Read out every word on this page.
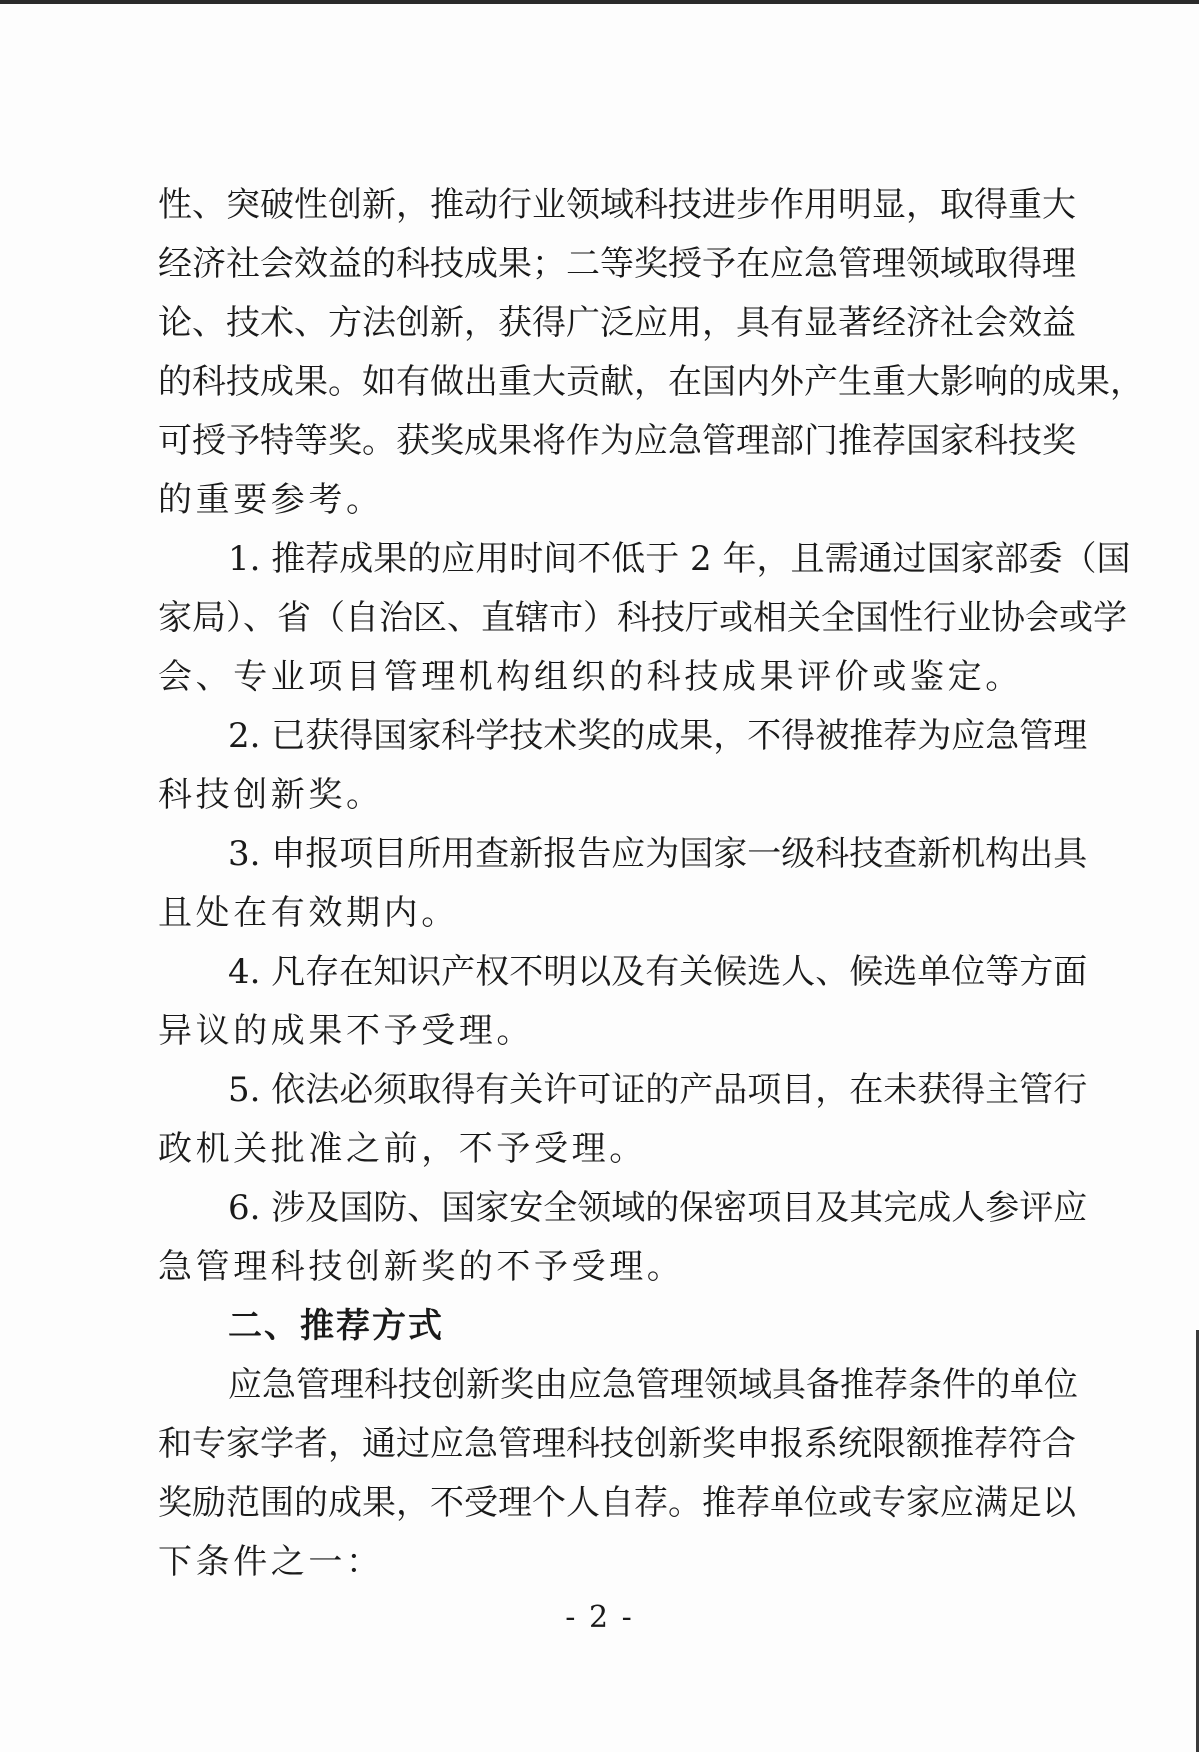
性、突破性创新，推动行业领域科技进步作用明显，取得重大
经济社会效益的科技成果；二等奖授予在应急管理领域取得理
论、技术、方法创新，获得广泛应用，具有显著经济社会效益
的科技成果。如有做出重大贡献，在国内外产生重大影响的成果，
可授予特等奖。获奖成果将作为应急管理部门推荐国家科技奖
的重要参考。
1. 推荐成果的应用时间不低于 2 年，且需通过国家部委（国
家局）、省（自治区、直辖市）科技厅或相关全国性行业协会或学
会、专业项目管理机构组织的科技成果评价或鉴定。
2. 已获得国家科学技术奖的成果，不得被推荐为应急管理
科技创新奖。
3. 申报项目所用查新报告应为国家一级科技查新机构出具
且处在有效期内。
4. 凡存在知识产权不明以及有关候选人、候选单位等方面
异议的成果不予受理。
5. 依法必须取得有关许可证的产品项目，在未获得主管行
政机关批准之前，不予受理。
6. 涉及国防、国家安全领域的保密项目及其完成人参评应
急管理科技创新奖的不予受理。
二、推荐方式
应急管理科技创新奖由应急管理领域具备推荐条件的单位
和专家学者，通过应急管理科技创新奖申报系统限额推荐符合
奖励范围的成果，不受理个人自荐。推荐单位或专家应满足以
下条件之一：
- 2 -
